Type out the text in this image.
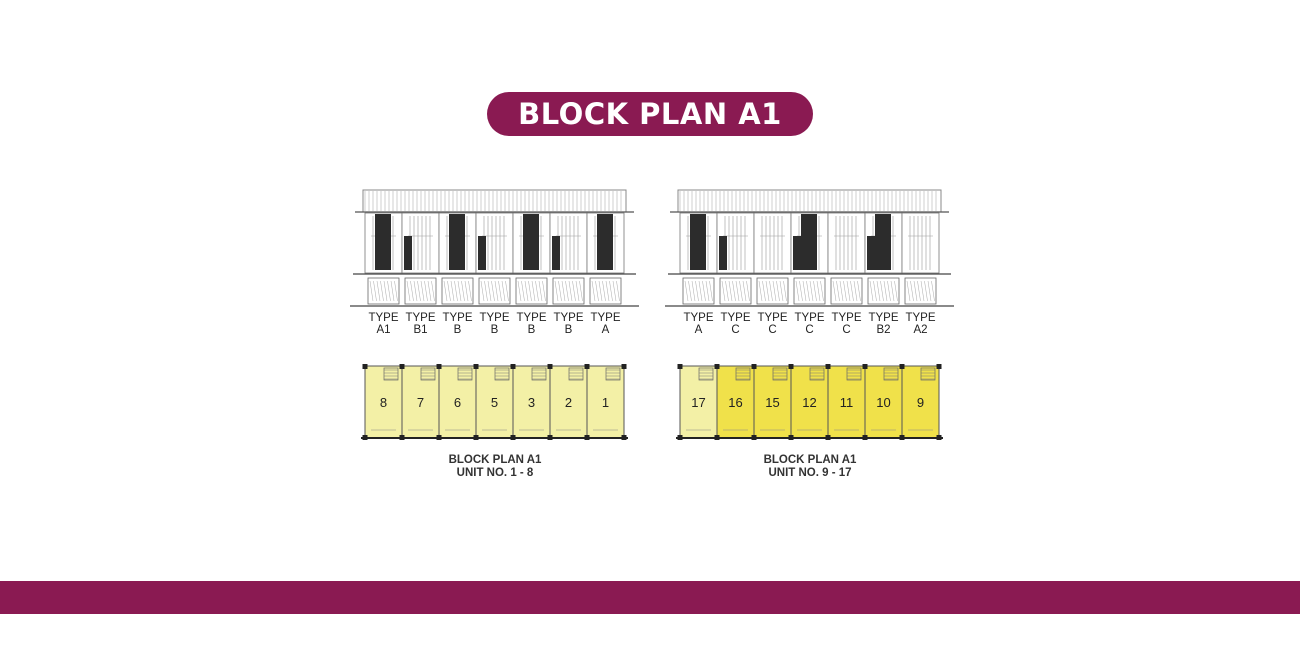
BLOCK PLAN A1
8 7 6 5 3 2 1
TYPE
A1
TYPE
B1
TYPE
B
TYPE
B
TYPE
B
TYPE
B
TYPE
A
BLOCK PLAN A1
UNIT NO. 1 - 8
17 16 15 12 11 10 9
TYPE
A
TYPE
C
TYPE
C
TYPE
C
TYPE
C
TYPE
B2
TYPE
A2
BLOCK PLAN A1
UNIT NO. 9 - 17
